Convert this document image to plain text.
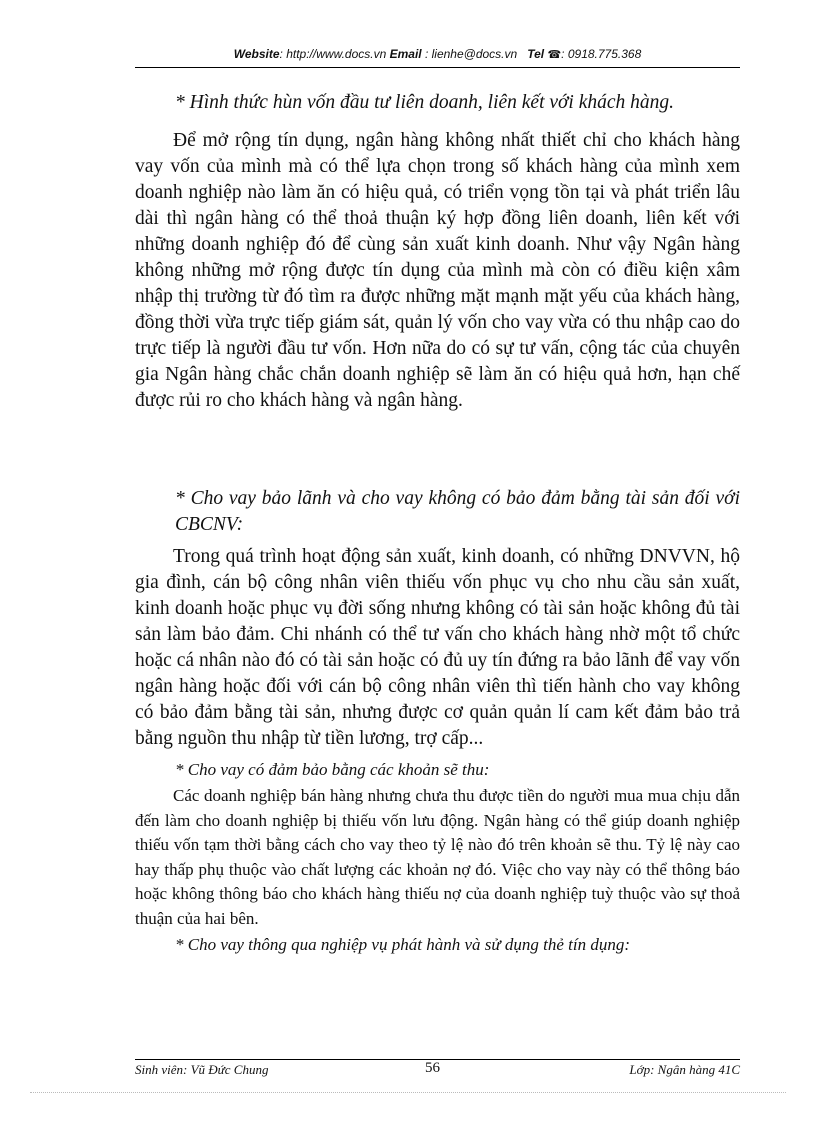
Website: http://www.docs.vn Email : lienhe@docs.vn Tel ☎: 0918.775.368

* Hình thức hùn vốn đầu tư liên doanh, liên kết với khách hàng.

Để mở rộng tín dụng, ngân hàng không nhất thiết chỉ cho khách hàng vay vốn của mình mà có thể lựa chọn trong số khách hàng của mình xem doanh nghiệp nào làm ăn có hiệu quả, có triển vọng tồn tại và phát triển lâu dài thì ngân hàng có thể thoả thuận ký hợp đồng liên doanh, liên kết với những doanh nghiệp đó để cùng sản xuất kinh doanh. Như vậy Ngân hàng không những mở rộng được tín dụng của mình mà còn có điều kiện xâm nhập thị trường từ đó tìm ra được những mặt mạnh mặt yếu của khách hàng, đồng thời vừa trực tiếp giám sát, quản lý vốn cho vay vừa có thu nhập cao do trực tiếp là người đầu tư vốn. Hơn nữa do có sự tư vấn, cộng tác của chuyên gia Ngân hàng chắc chắn doanh nghiệp sẽ làm ăn có hiệu quả hơn, hạn chế được rủi ro cho khách hàng và ngân hàng.

* Cho vay bảo lãnh và cho vay không có bảo đảm bằng tài sản đối với CBCNV:

Trong quá trình hoạt động sản xuất, kinh doanh, có những DNVVN, hộ gia đình, cán bộ công nhân viên thiếu vốn phục vụ cho nhu cầu sản xuất, kinh doanh hoặc phục vụ đời sống nhưng không có tài sản hoặc không đủ tài sản làm bảo đảm. Chi nhánh có thể tư vấn cho khách hàng nhờ một tổ chức hoặc cá nhân nào đó có tài sản hoặc có đủ uy tín đứng ra bảo lãnh để vay vốn ngân hàng hoặc đối với cán bộ công nhân viên thì tiến hành cho vay không có bảo đảm bằng tài sản, nhưng được cơ quản quản lí cam kết đảm bảo trả bằng nguồn thu nhập từ tiền lương, trợ cấp...

* Cho vay có đảm bảo bằng các khoản sẽ thu:

Các doanh nghiệp bán hàng nhưng chưa thu được tiền do người mua mua chịu dẫn đến làm cho doanh nghiệp bị thiếu vốn lưu động. Ngân hàng có thể giúp doanh nghiệp thiếu vốn tạm thời bằng cách cho vay theo tỷ lệ nào đó trên khoản sẽ thu. Tỷ lệ này cao hay thấp phụ thuộc vào chất lượng các khoản nợ đó. Việc cho vay này có thể thông báo hoặc không thông báo cho khách hàng thiếu nợ của doanh nghiệp tuỳ thuộc vào sự thoả thuận của hai bên.

* Cho vay thông qua nghiệp vụ phát hành và sử dụng thẻ tín dụng:

Sinh viên: Vũ Đức Chung	56	Lớp: Ngân hàng 41C
